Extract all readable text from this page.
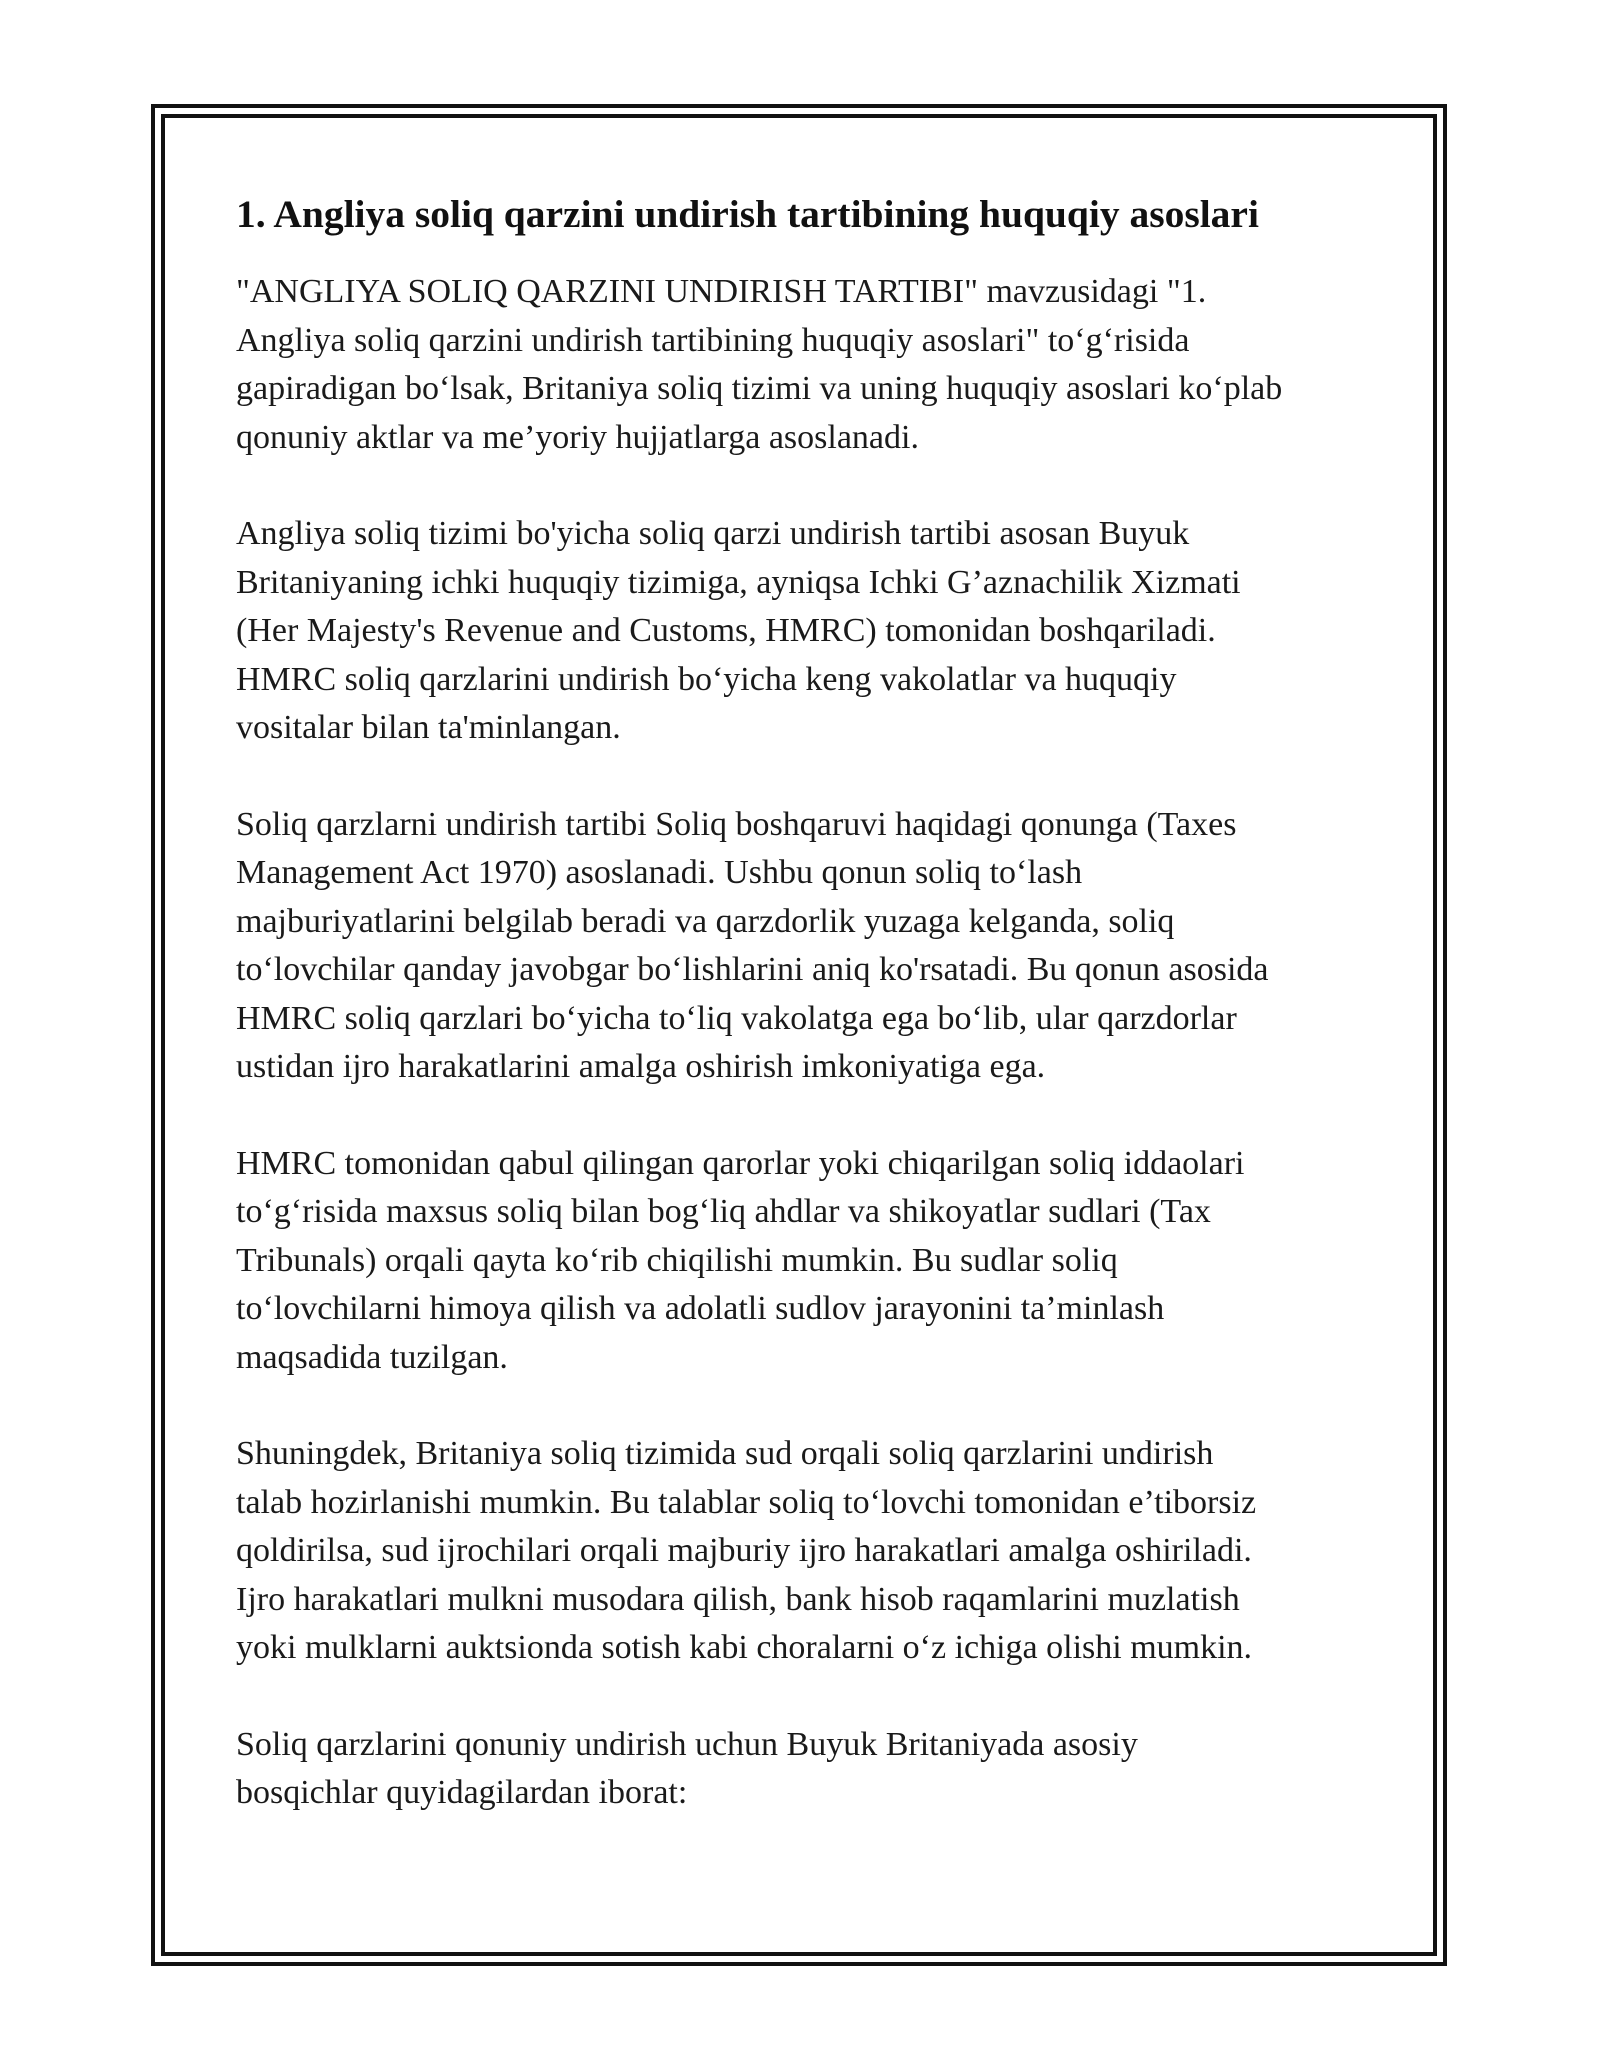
1. Angliya soliq qarzini undirish tartibining huquqiy asoslari

"ANGLIYA SOLIQ QARZINI UNDIRISH TARTIBI" mavzusidagi "1.
Angliya soliq qarzini undirish tartibining huquqiy asoslari" to‘g‘risida
gapiradigan bo‘lsak, Britaniya soliq tizimi va uning huquqiy asoslari ko‘plab
qonuniy aktlar va me’yoriy hujjatlarga asoslanadi.

Angliya soliq tizimi bo'yicha soliq qarzi undirish tartibi asosan Buyuk
Britaniyaning ichki huquqiy tizimiga, ayniqsa Ichki G’aznachilik Xizmati
(Her Majesty's Revenue and Customs, HMRC) tomonidan boshqariladi.
HMRC soliq qarzlarini undirish bo‘yicha keng vakolatlar va huquqiy
vositalar bilan ta'minlangan.

Soliq qarzlarni undirish tartibi Soliq boshqaruvi haqidagi qonunga (Taxes
Management Act 1970) asoslanadi. Ushbu qonun soliq to‘lash
majburiyatlarini belgilab beradi va qarzdorlik yuzaga kelganda, soliq
to‘lovchilar qanday javobgar bo‘lishlarini aniq ko'rsatadi. Bu qonun asosida
HMRC soliq qarzlari bo‘yicha to‘liq vakolatga ega bo‘lib, ular qarzdorlar
ustidan ijro harakatlarini amalga oshirish imkoniyatiga ega.

HMRC tomonidan qabul qilingan qarorlar yoki chiqarilgan soliq iddaolari
to‘g‘risida maxsus soliq bilan bog‘liq ahdlar va shikoyatlar sudlari (Tax
Tribunals) orqali qayta ko‘rib chiqilishi mumkin. Bu sudlar soliq
to‘lovchilarni himoya qilish va adolatli sudlov jarayonini ta’minlash
maqsadida tuzilgan.

Shuningdek, Britaniya soliq tizimida sud orqali soliq qarzlarini undirish
talab hozirlanishi mumkin. Bu talablar soliq to‘lovchi tomonidan e’tiborsiz
qoldirilsa, sud ijrochilari orqali majburiy ijro harakatlari amalga oshiriladi.
Ijro harakatlari mulkni musodara qilish, bank hisob raqamlarini muzlatish
yoki mulklarni auktsionda sotish kabi choralarni o‘z ichiga olishi mumkin.

Soliq qarzlarini qonuniy undirish uchun Buyuk Britaniyada asosiy
bosqichlar quyidagilardan iborat:
